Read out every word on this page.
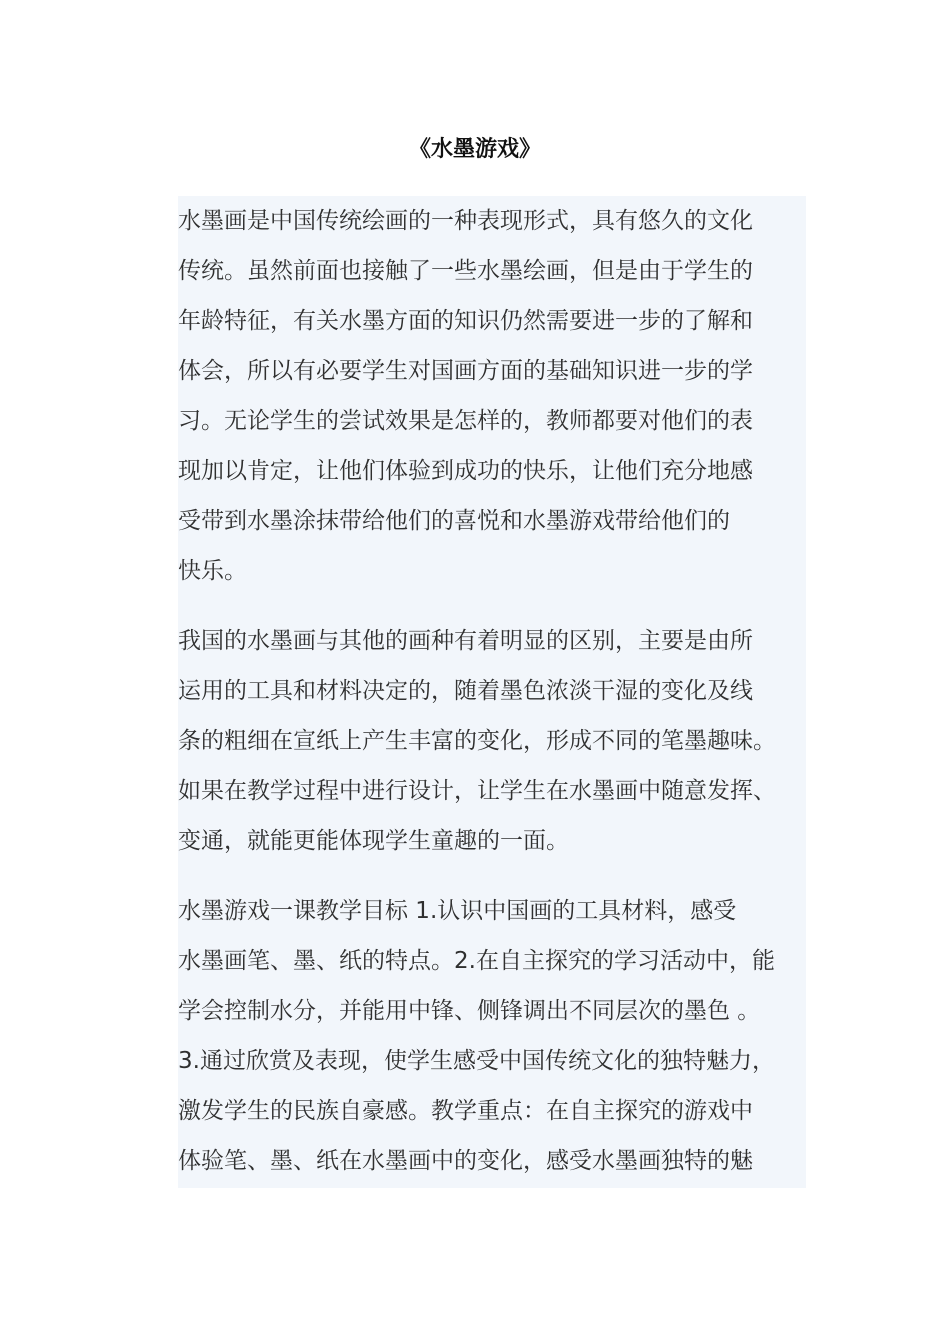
《水墨游戏》

水墨画是中国传统绘画的一种表现形式，具有悠久的文化
传统。虽然前面也接触了一些水墨绘画，但是由于学生的
年龄特征，有关水墨方面的知识仍然需要进一步的了解和
体会，所以有必要学生对国画方面的基础知识进一步的学
习。无论学生的尝试效果是怎样的，教师都要对他们的表
现加以肯定，让他们体验到成功的快乐，让他们充分地感
受带到水墨涂抹带给他们的喜悦和水墨游戏带给他们的
快乐。

我国的水墨画与其他的画种有着明显的区别，主要是由所
运用的工具和材料决定的，随着墨色浓淡干湿的变化及线
条的粗细在宣纸上产生丰富的变化，形成不同的笔墨趣味。
如果在教学过程中进行设计，让学生在水墨画中随意发挥、
变通，就能更能体现学生童趣的一面。

水墨游戏一课教学目标 1.认识中国画的工具材料，感受
水墨画笔、墨、纸的特点。2.在自主探究的学习活动中，能
学会控制水分，并能用中锋、侧锋调出不同层次的墨色 。
3.通过欣赏及表现，使学生感受中国传统文化的独特魅力，
激发学生的民族自豪感。教学重点：在自主探究的游戏中
体验笔、墨、纸在水墨画中的变化，感受水墨画独特的魅
